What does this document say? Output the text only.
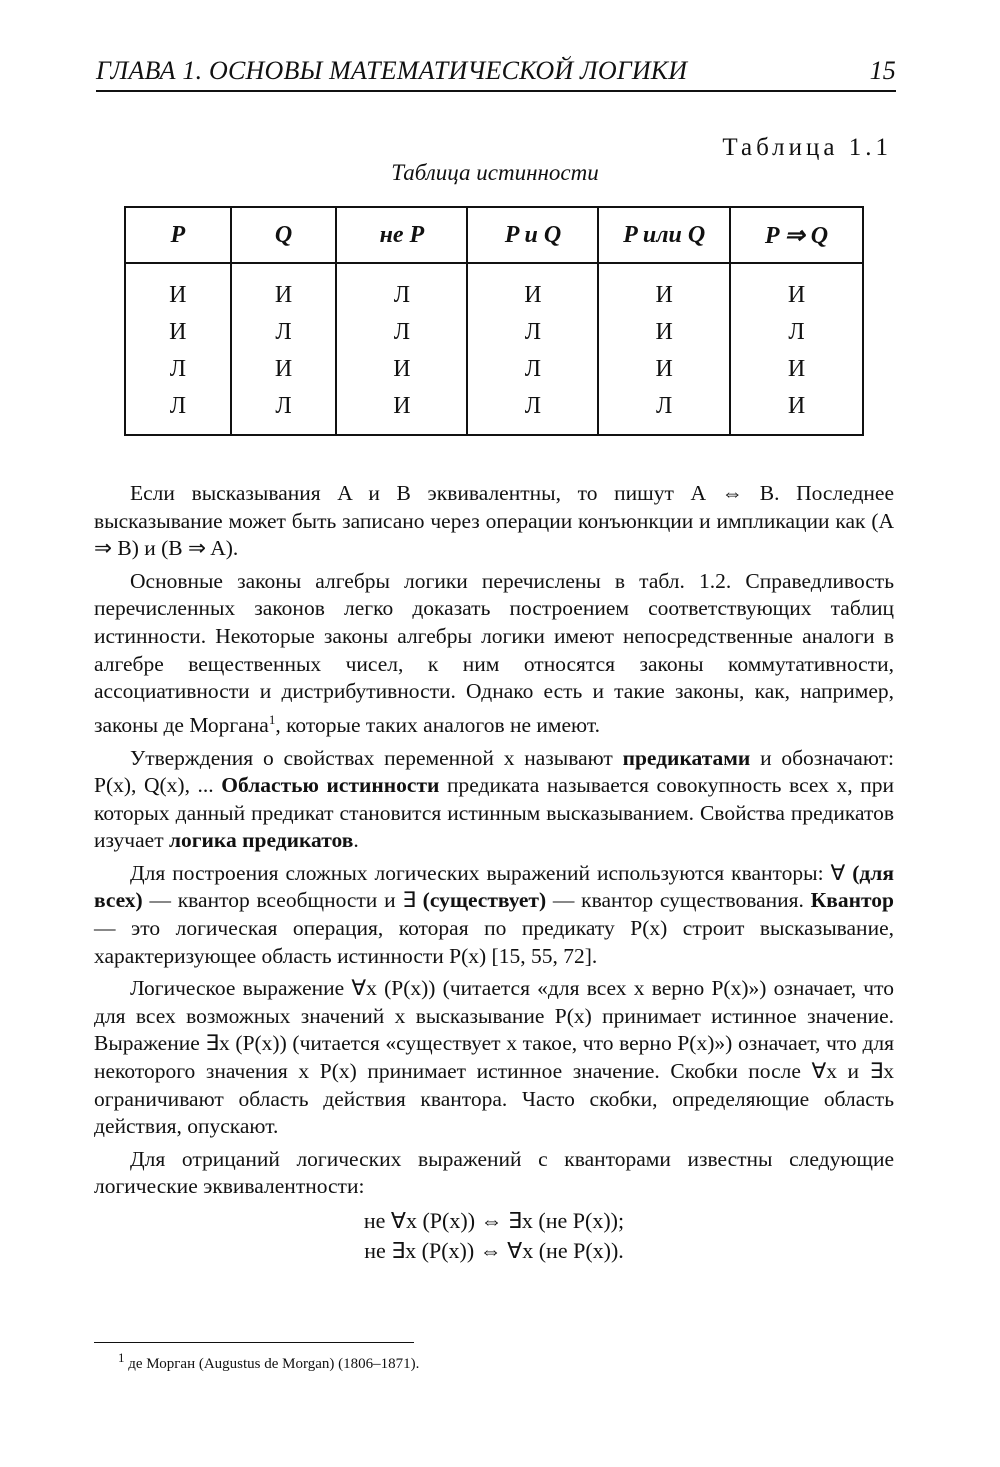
ГЛАВА 1. ОСНОВЫ МАТЕМАТИЧЕСКОЙ ЛОГИКИ	15
Таблица 1.1
Таблица истинности
P	Q	не P	P и Q	P или Q	P ⇒ Q
И	И	Л	И	И	И
И	Л	Л	Л	И	Л
Л	И	И	Л	И	И
Л	Л	И	Л	Л	И

Если высказывания A и B эквивалентны, то пишут A ⇔ B. Последнее высказывание может быть записано через операции конъюнкции и импликации как (A ⇒ B) и (B ⇒ A).

Основные законы алгебры логики перечислены в табл. 1.2. Справедливость перечисленных законов легко доказать построением соответствующих таблиц истинности. Некоторые законы алгебры логики имеют непосредственные аналоги в алгебре вещественных чисел, к ним относятся законы коммутативности, ассоциативности и дистрибутивности. Однако есть и такие законы, как, например, законы де Моргана$^1$, которые таких аналогов не имеют.

Утверждения о свойствах переменной x называют предикатами и обозначают: P(x), Q(x), ... Областью истинности предиката называется совокупность всех x, при которых данный предикат становится истинным высказыванием. Свойства предикатов изучает логика предикатов.

Для построения сложных логических выражений используются кванторы: ∀ (для всех) — квантор всеобщности и ∃ (существует) — квантор существования. Квантор — это логическая операция, которая по предикату P(x) строит высказывание, характеризующее область истинности P(x) [15, 55, 72].

Логическое выражение ∀x (P(x)) (читается «для всех x верно P(x)») означает, что для всех возможных значений x высказывание P(x) принимает истинное значение. Выражение ∃x (P(x)) (читается «существует x такое, что верно P(x)») означает, что для некоторого значения x P(x) принимает истинное значение. Скобки после ∀x и ∃x ограничивают область действия квантора. Часто скобки, определяющие область действия, опускают.

Для отрицаний логических выражений с кванторами известны следующие логические эквивалентности:

не ∀x (P(x)) ⇔ ∃x (не P(x));
не ∃x (P(x)) ⇔ ∀x (не P(x)).
$^1$ де Морган (Augustus de Morgan) (1806–1871).
